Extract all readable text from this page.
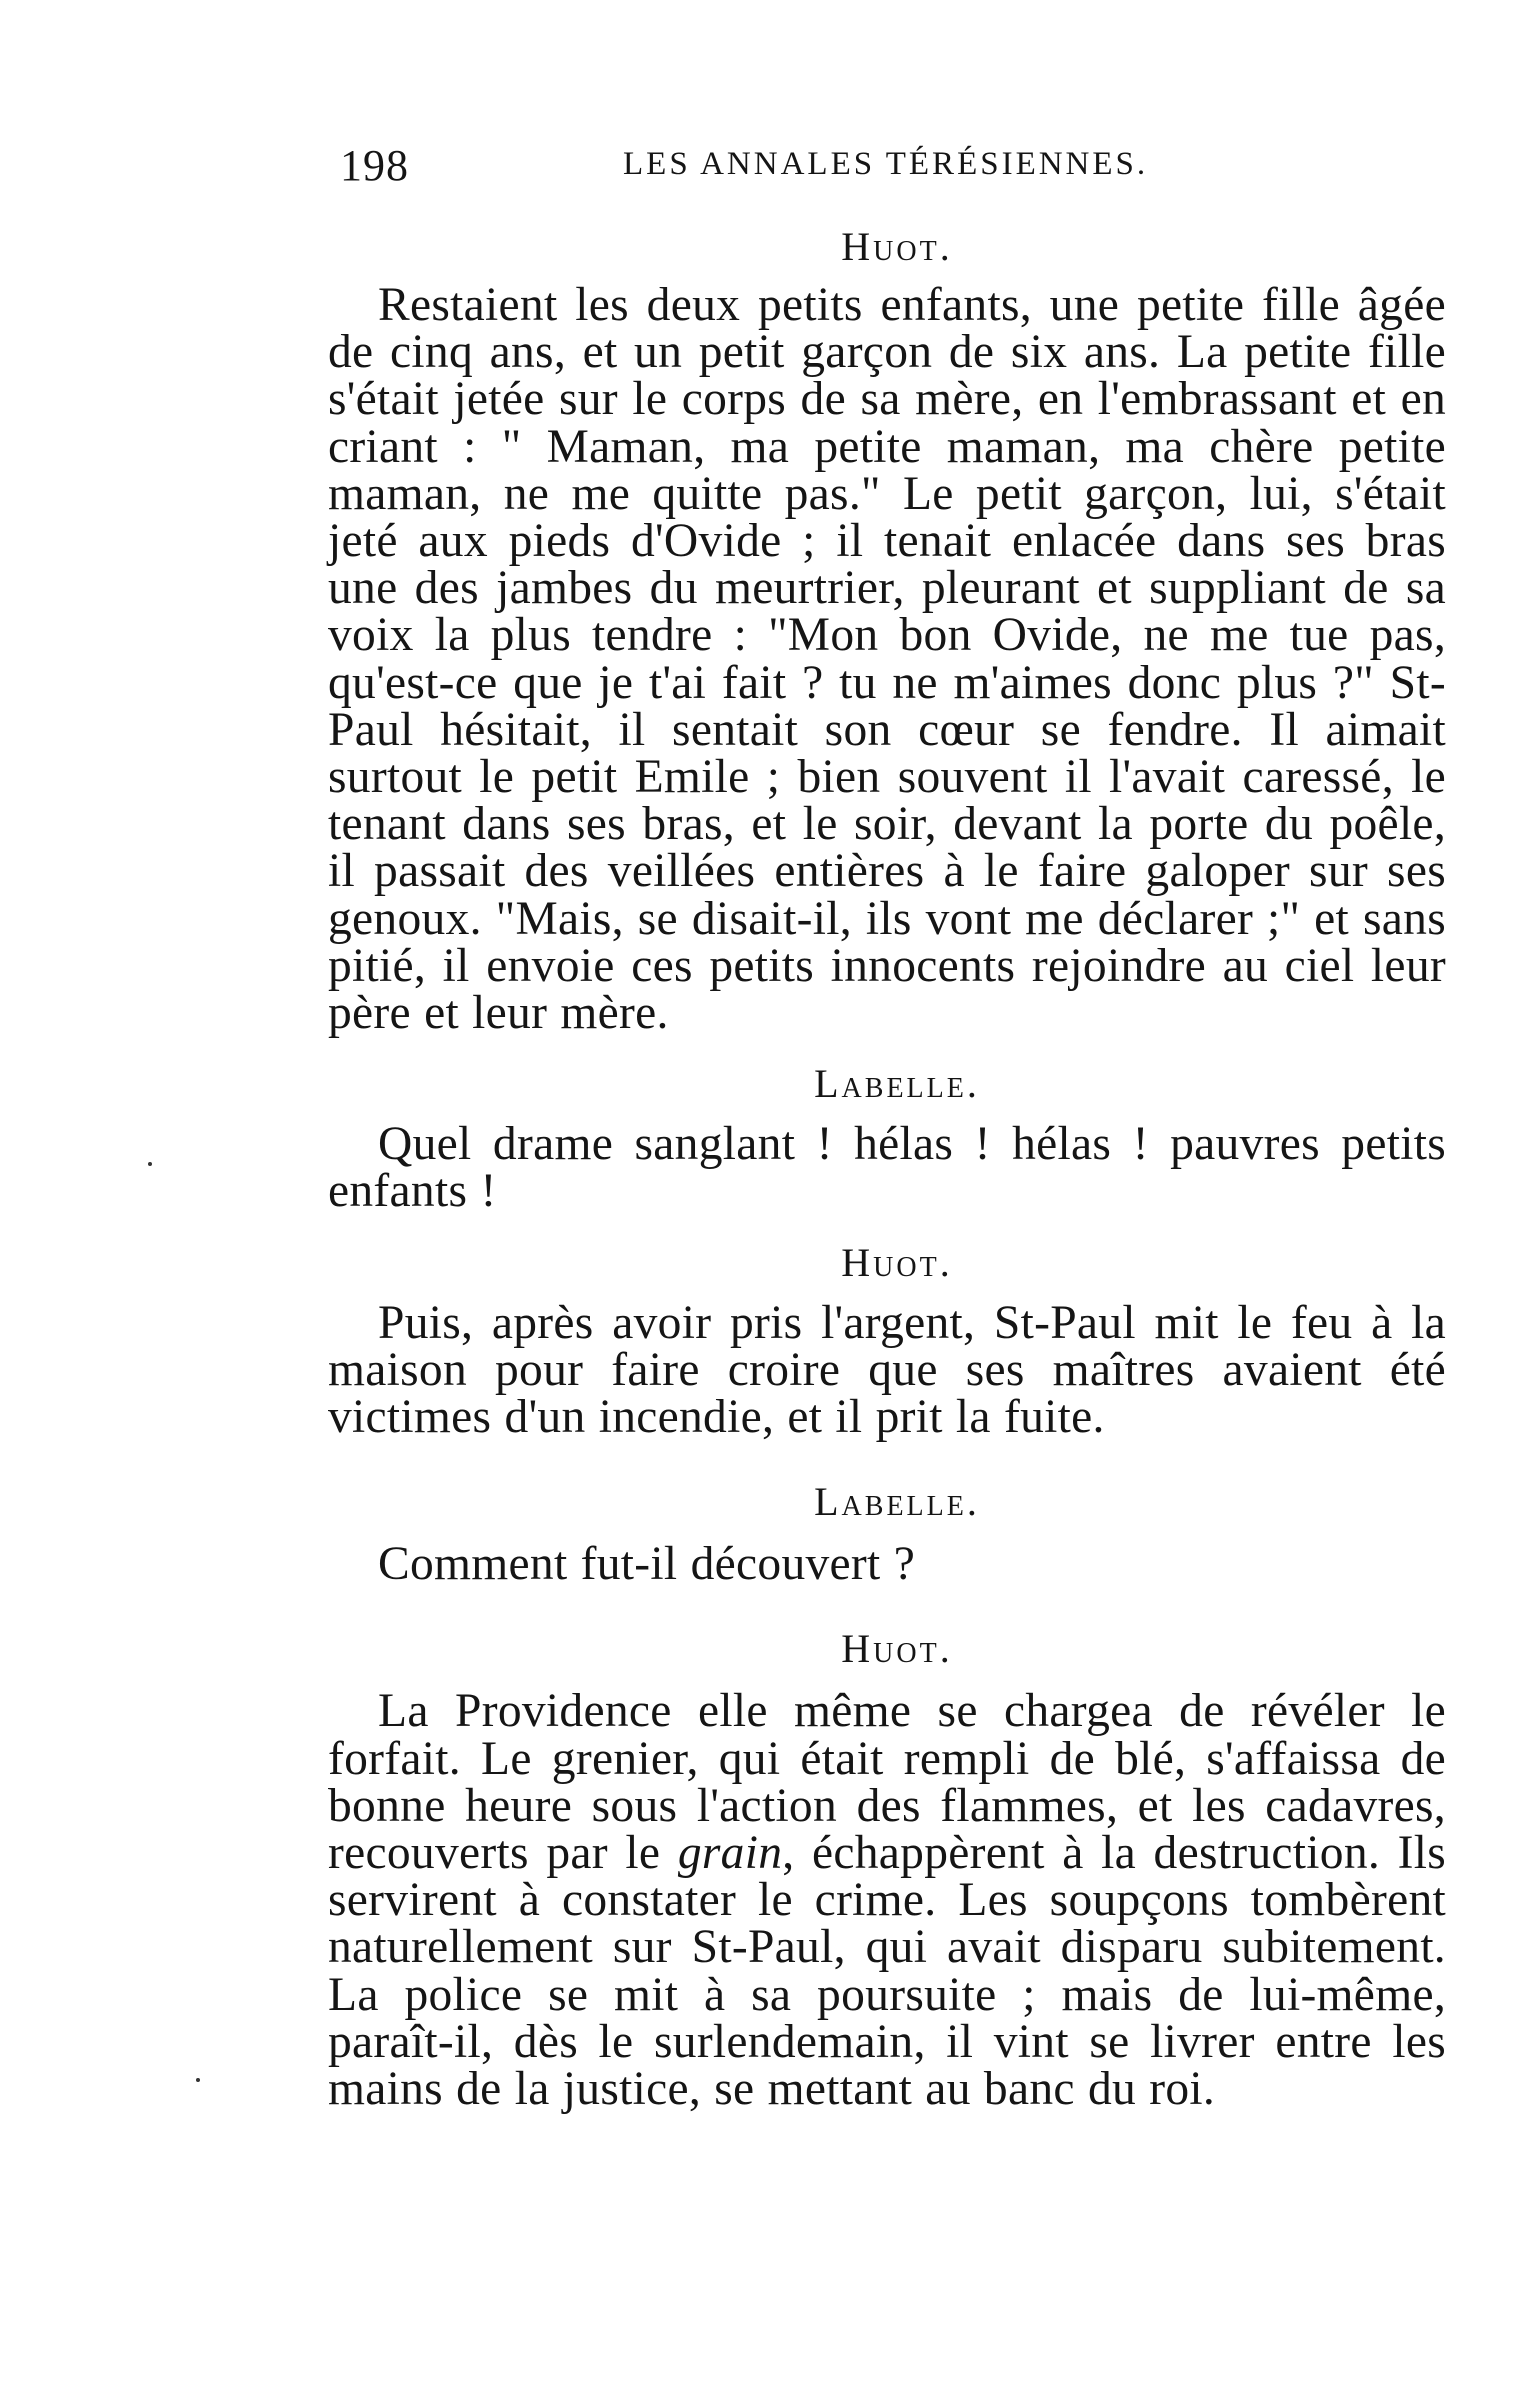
198	LES ANNALES TÉRÉSIENNES.

Huot.

Restaient les deux petits enfants, une petite fille âgée de cinq ans, et un petit garçon de six ans. La petite fille s'était jetée sur le corps de sa mère, en l'embrassant et en criant : " Maman, ma petite maman, ma chère petite maman, ne me quitte pas." Le petit garçon, lui, s'était jeté aux pieds d'Ovide ; il tenait enlacée dans ses bras une des jambes du meurtrier, pleurant et suppliant de sa voix la plus tendre : "Mon bon Ovide, ne me tue pas, qu'est-ce que je t'ai fait ? tu ne m'aimes donc plus ?" St-Paul hésitait, il sentait son cœur se fendre. Il aimait surtout le petit Emile ; bien souvent il l'avait caressé, le tenant dans ses bras, et le soir, devant la porte du poêle, il passait des veillées entières à le faire galoper sur ses genoux. "Mais, se disait-il, ils vont me déclarer ;" et sans pitié, il envoie ces petits innocents rejoindre au ciel leur père et leur mère.

Labelle.

Quel drame sanglant ! hélas ! hélas ! pauvres petits enfants !

Huot.

Puis, après avoir pris l'argent, St-Paul mit le feu à la maison pour faire croire que ses maîtres avaient été victimes d'un incendie, et il prit la fuite.

Labelle.

Comment fut-il découvert ?

Huot.

La Providence elle même se chargea de révéler le forfait. Le grenier, qui était rempli de blé, s'affaissa de bonne heure sous l'action des flammes, et les cadavres, recouverts par le grain, échappèrent à la destruction. Ils servirent à constater le crime. Les soupçons tombèrent naturellement sur St-Paul, qui avait disparu subitement. La police se mit à sa poursuite ; mais de lui-même, paraît-il, dès le surlendemain, il vint se livrer entre les mains de la justice, se mettant au banc du roi.
